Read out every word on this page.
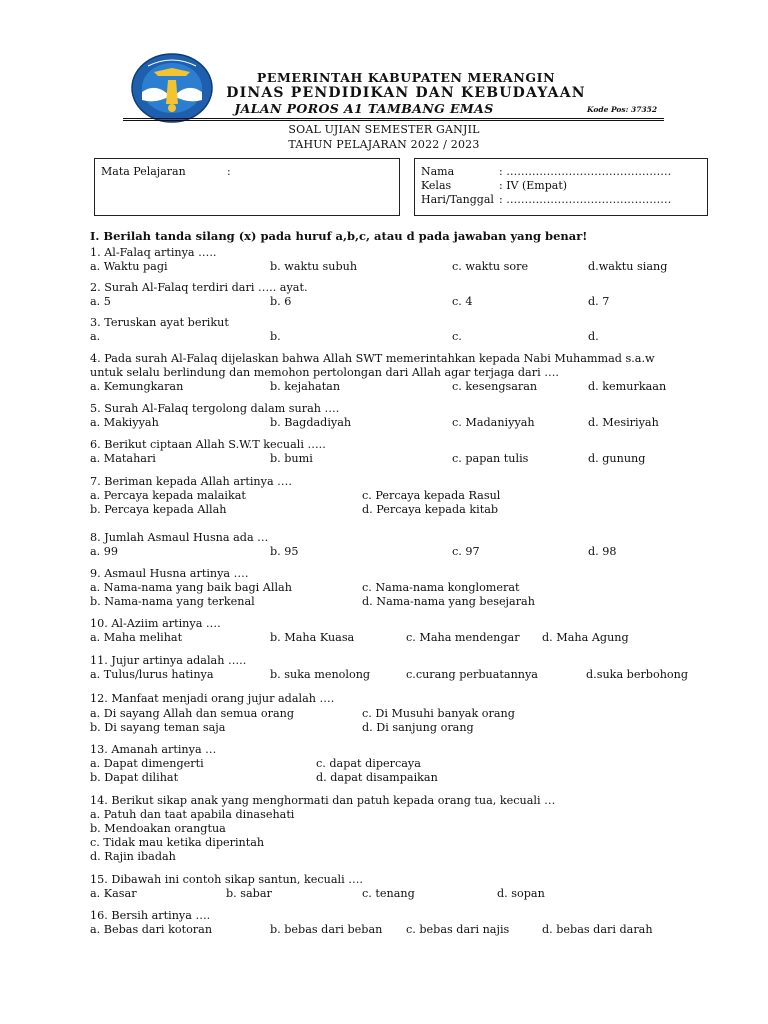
PEMERINTAH KABUPATEN MERANGIN
DINAS PENDIDIKAN DAN KEBUDAYAAN
JALAN POROS A1 TAMBANG EMAS	Kode Pos: 37352
SOAL UJIAN SEMESTER GANJIL
TAHUN PELAJARAN 2022 / 2023
Mata Pelajaran	:	Nama	: ………………………………………
Kelas	: IV (Empat)
Hari/Tanggal : ………………………………………
I. Berilah tanda silang (x) pada huruf a,b,c, atau d pada jawaban yang benar!
1. Al-Falaq artinya …..
a. Waktu pagi	b. waktu subuh	c. waktu sore	d.waktu siang
2. Surah Al-Falaq terdiri dari ….. ayat.
a. 5	b. 6	c. 4	d. 7
3. Teruskan ayat berikut
a.	b.	c.	d.
4. Pada surah Al-Falaq dijelaskan bahwa Allah SWT memerintahkan kepada Nabi Muhammad s.a.w
untuk selalu berlindung dan memohon pertolongan dari Allah agar terjaga dari ….
a. Kemungkaran	b. kejahatan	c. kesengsaran	d. kemurkaan
5. Surah Al-Falaq tergolong dalam surah ….
a. Makiyyah	b. Bagdadiyah	c. Madaniyyah	d. Mesiriyah
6. Berikut ciptaan Allah S.W.T kecuali …..
a. Matahari	b. bumi	c. papan tulis	d. gunung
7. Beriman kepada Allah artinya ….
a. Percaya kepada malaikat	c. Percaya kepada Rasul
b. Percaya kepada Allah	d. Percaya kepada kitab
8. Jumlah Asmaul Husna ada …
a. 99	b. 95	c. 97	d. 98
9. Asmaul Husna artinya ….
a. Nama-nama yang baik bagi Allah	c. Nama-nama konglomerat
b. Nama-nama yang terkenal	d. Nama-nama yang besejarah
10. Al-Aziim artinya ….
a. Maha melihat	b. Maha Kuasa	c. Maha mendengar d. Maha Agung
11. Jujur artinya adalah …..
a. Tulus/lurus hatinya	b. suka menolong	c.curang perbuatannya	d.suka berbohong
12. Manfaat menjadi orang jujur adalah ….
a. Di sayang Allah dan semua orang	c. Di Musuhi banyak orang
b. Di sayang teman saja	d. Di sanjung orang
13. Amanah artinya …
a. Dapat dimengerti	c. dapat dipercaya
b. Dapat dilihat	d. dapat disampaikan
14. Berikut sikap anak yang menghormati dan patuh kepada orang tua, kecuali …
a. Patuh dan taat apabila dinasehati
b. Mendoakan orangtua
c. Tidak mau ketika diperintah
d. Rajin ibadah
15. Dibawah ini contoh sikap santun, kecuali ….
a. Kasar	b. sabar	c. tenang	d. sopan
16. Bersih artinya ….
a. Bebas dari kotoran	b. bebas dari beban c. bebas dari najis	d. bebas dari darah
